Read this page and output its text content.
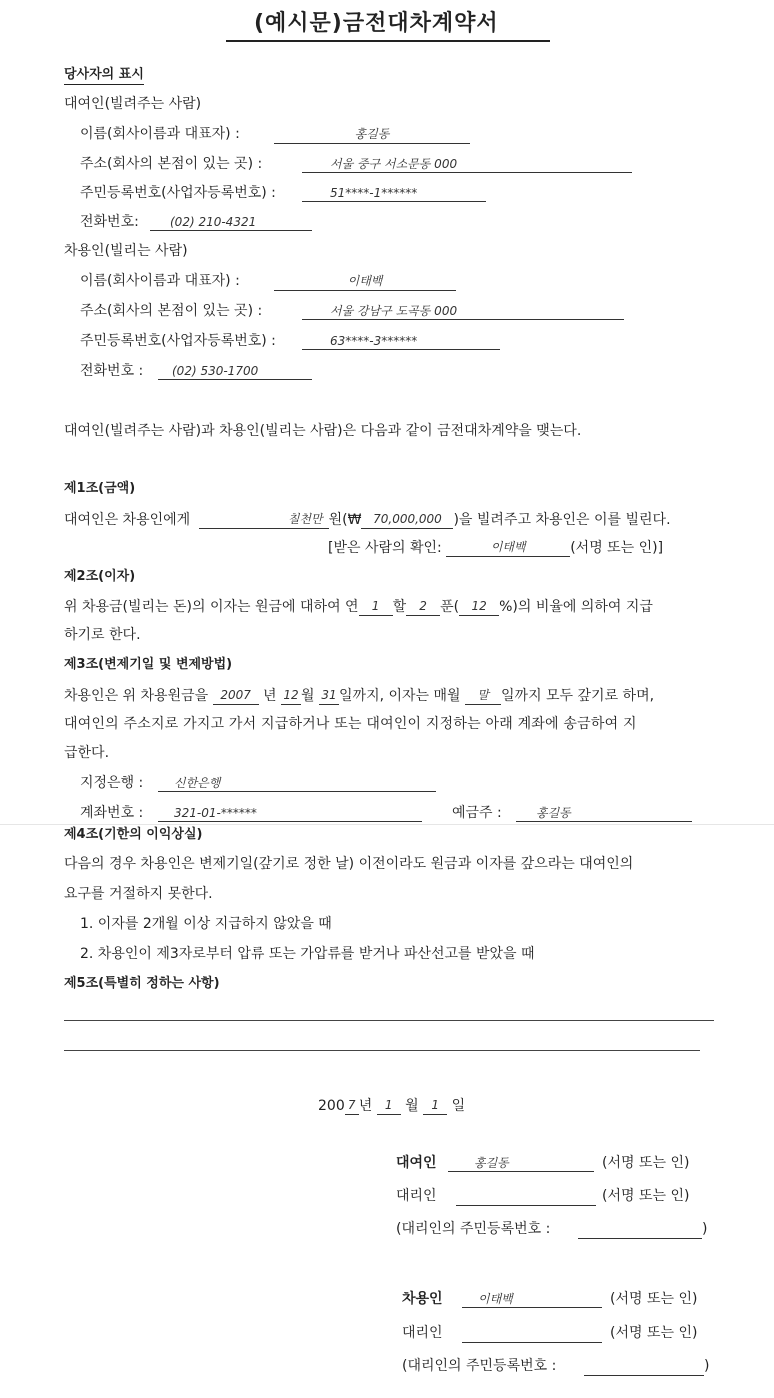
(예시문)금전대차계약서
당사자의 표시
대여인(빌려주는 사람)
이름(회사이름과 대표자) :	홍길동
주소(회사의 본점이 있는 곳) :	서울 중구 서소문동 000
주민등록번호(사업자등록번호) :	51****-1******
전화번호:	(02) 210-4321
차용인(빌리는 사람)
이름(회사이름과 대표자) :	이태백
주소(회사의 본점이 있는 곳) :	서울 강남구 도곡동 000
주민등록번호(사업자등록번호) :	63****-3******
전화번호 :	(02) 530-1700
대여인(빌려주는 사람)과 차용인(빌리는 사람)은 다음과 같이 금전대차계약을 맺는다.
제1조(금액)
대여인은 차용인에게	칠천만 원(₩ 70,000,000 )을 빌려주고 차용인은 이를 빌린다.
[받은 사람의 확인:	이태백	(서명 또는 인)]
제2조(이자)
위 차용금(빌리는 돈)의 이자는 원금에 대하여 연 1 할 2 푼( 12 %)의 비율에 의하여 지급
하기로 한다.
제3조(변제기일 및 변제방법)
차용인은 위 차용원금을 2007 년 12 월 31 일까지, 이자는 매월 말 일까지 모두 갚기로 하며,
대여인의 주소지로 가지고 가서 지급하거나 또는 대여인이 지정하는 아래 계좌에 송금하여 지
급한다.
지정은행 :	신한은행
계좌번호 :	321-01-******	예금주 :	홍길동
제4조(기한의 이익상실)
다음의 경우 차용인은 변제기일(갚기로 정한 날) 이전이라도 원금과 이자를 갚으라는 대여인의
요구를 거절하지 못한다.
1. 이자를 2개월 이상 지급하지 않았을 때
2. 차용인이 제3자로부터 압류 또는 가압류를 받거나 파산선고를 받았을 때
제5조(특별히 정하는 사항)
200 7 년 1 월 1 일
대여인	홍길동	(서명 또는 인)
대리인	(서명 또는 인)
(대리인의 주민등록번호 :	)
차용인	이태백	(서명 또는 인)
대리인	(서명 또는 인)
(대리인의 주민등록번호 :	)
